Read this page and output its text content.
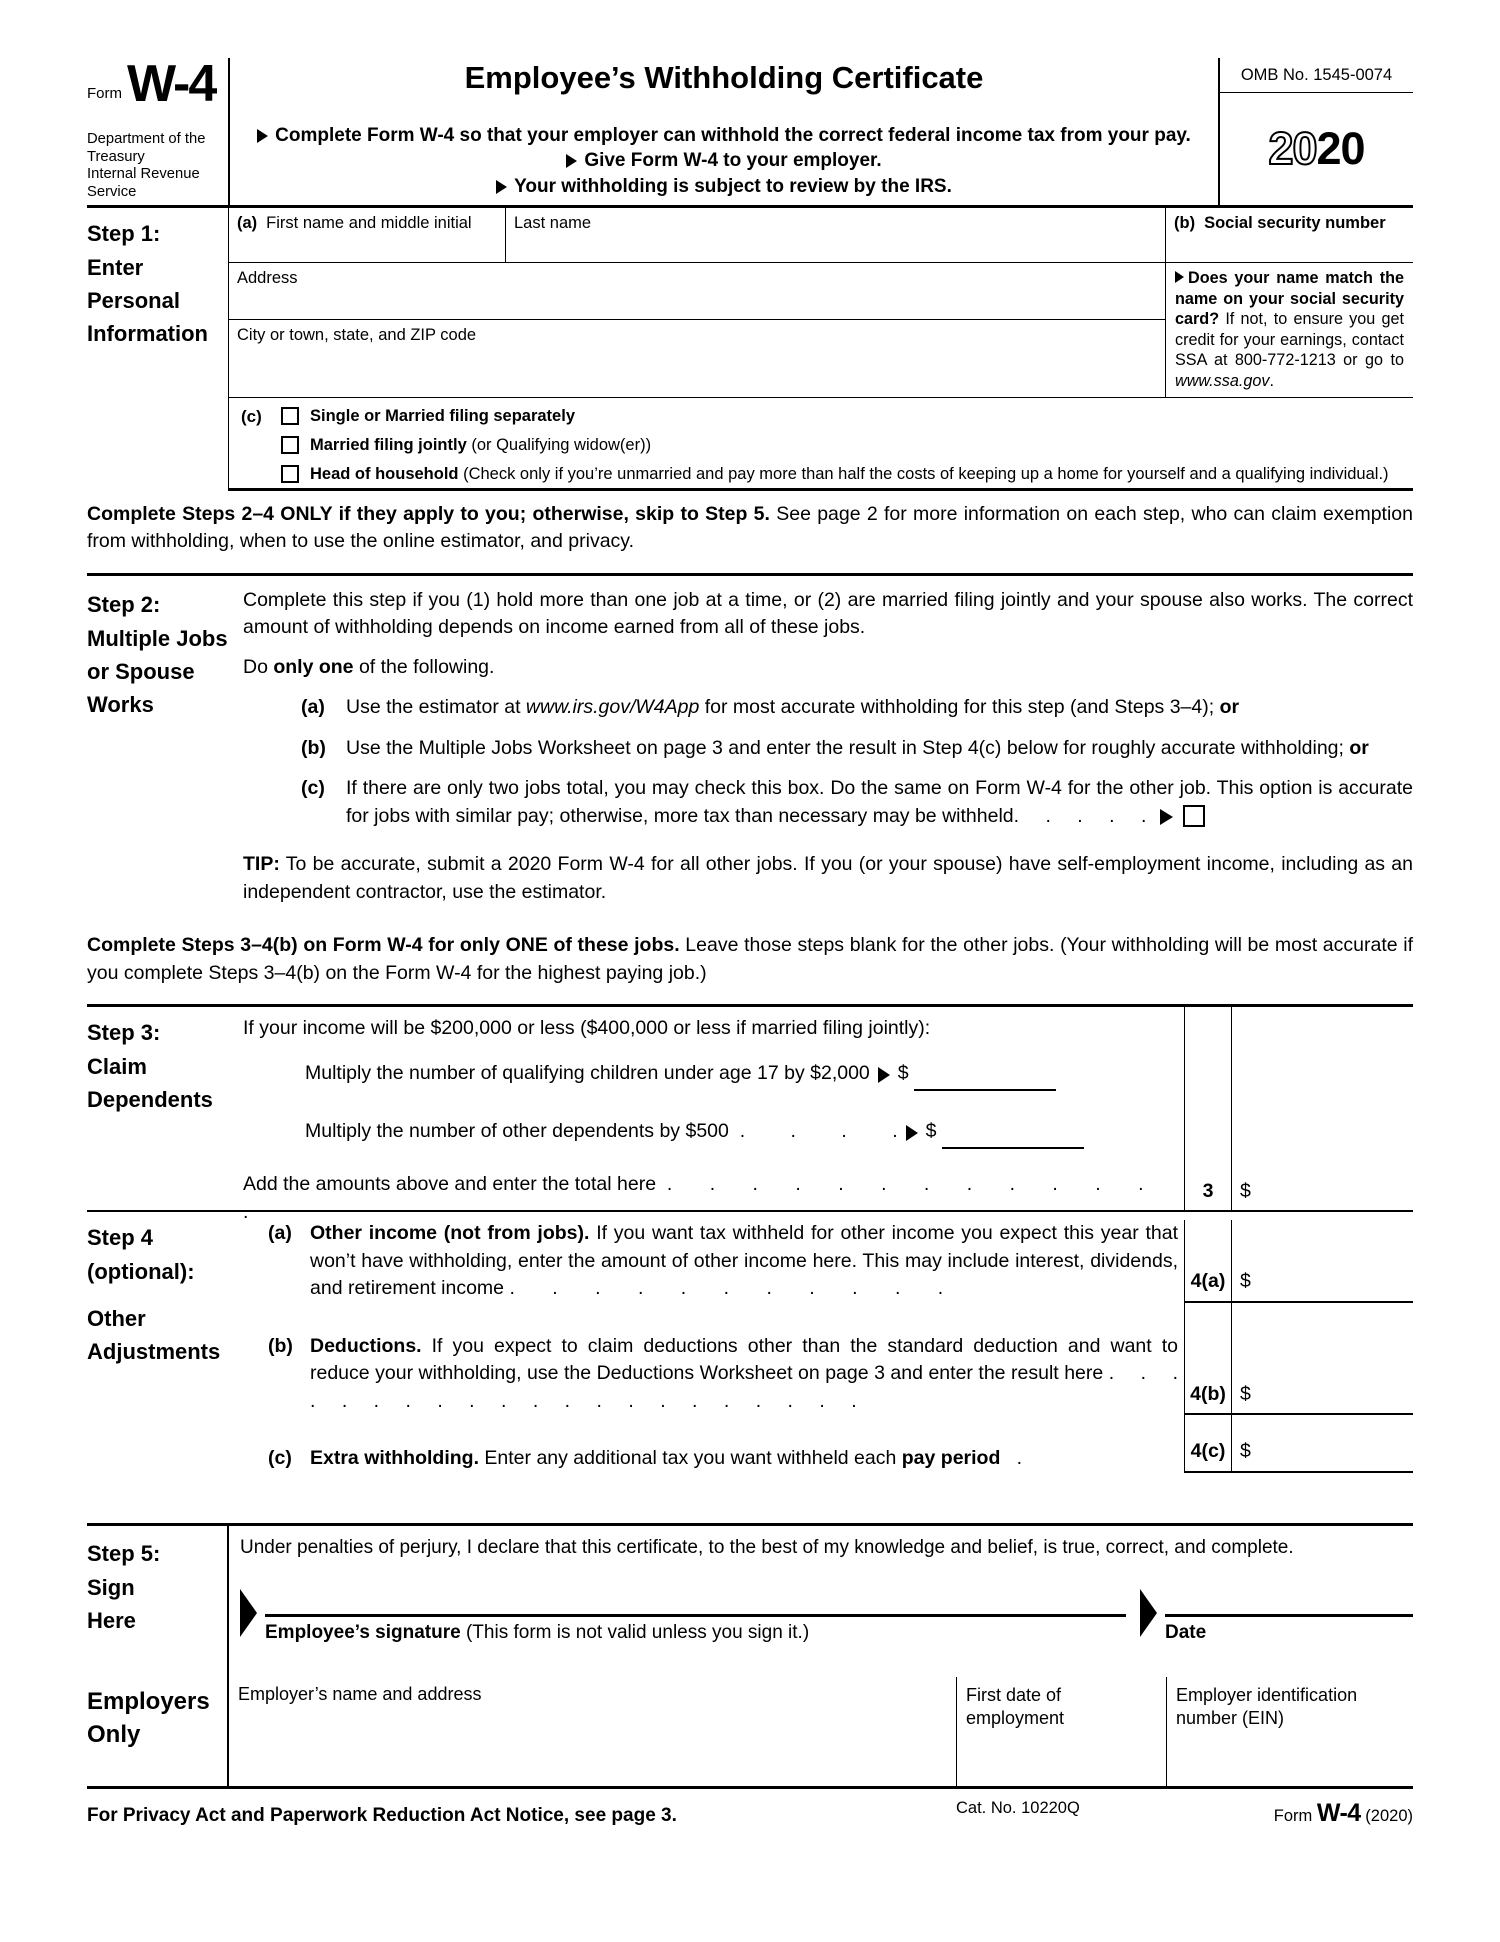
Form W-4
Department of the Treasury
Internal Revenue Service
Employee’s Withholding Certificate
Complete Form W-4 so that your employer can withhold the correct federal income tax from your pay.
Give Form W-4 to your employer.
Your withholding is subject to review by the IRS.
OMB No. 1545-0074
20 20
Step 1:
Enter
Personal
Information
(a) First name and middle initial	Last name	(b) Social security number
Address
City or town, state, and ZIP code
Does your name match the name on your social security card? If not, to ensure you get credit for your earnings, contact SSA at 800-772-1213 or go to www.ssa.gov.
(c)	Single or Married filing separately
Married filing jointly (or Qualifying widow(er))
Head of household (Check only if you’re unmarried and pay more than half the costs of keeping up a home for yourself and a qualifying individual.)
Complete Steps 2–4 ONLY if they apply to you; otherwise, skip to Step 5. See page 2 for more information on each step, who can claim exemption from withholding, when to use the online estimator, and privacy.
Step 2:
Multiple Jobs
or Spouse
Works
Complete this step if you (1) hold more than one job at a time, or (2) are married filing jointly and your spouse also works. The correct amount of withholding depends on income earned from all of these jobs.
Do only one of the following.
(a)	Use the estimator at www.irs.gov/W4App for most accurate withholding for this step (and Steps 3–4); or
(b)	Use the Multiple Jobs Worksheet on page 3 and enter the result in Step 4(c) below for roughly accurate withholding; or
(c)	If there are only two jobs total, you may check this box. Do the same on Form W-4 for the other job. This option is accurate for jobs with similar pay; otherwise, more tax than necessary may be withheld. . . . .
TIP: To be accurate, submit a 2020 Form W-4 for all other jobs. If you (or your spouse) have self-employment income, including as an independent contractor, use the estimator.
Complete Steps 3–4(b) on Form W-4 for only ONE of these jobs. Leave those steps blank for the other jobs. (Your withholding will be most accurate if you complete Steps 3–4(b) on the Form W-4 for the highest paying job.)
Step 3:
Claim
Dependents
If your income will be $200,000 or less ($400,000 or less if married filing jointly):
Multiply the number of qualifying children under age 17 by $2,000 $
Multiply the number of other dependents by $500 . . . . $
Add the amounts above and enter the total here . . . . . . . . . . . . .
3	$
Step 4
(optional):
Other
Adjustments
(a) Other income (not from jobs). If you want tax withheld for other income you expect this year that won’t have withholding, enter the amount of other income here. This may include interest, dividends, and retirement income . . . . . . . . . . .	4(a) $
(b) Deductions. If you expect to claim deductions other than the standard deduction and want to reduce your withholding, use the Deductions Worksheet on page 3 and enter the result here . . . . . . . . . . . . . . . . . . . . .	4(b) $
(c) Extra withholding. Enter any additional tax you want withheld each pay period .	4(c) $
Step 5:
Sign
Here
Under penalties of perjury, I declare that this certificate, to the best of my knowledge and belief, is true, correct, and complete.
Employee’s signature (This form is not valid unless you sign it.)	Date
Employers
Only
Employer’s name and address	First date of
employment
Employer identification
number (EIN)
For Privacy Act and Paperwork Reduction Act Notice, see page 3.	Cat. No. 10220Q	Form W-4 (2020)
